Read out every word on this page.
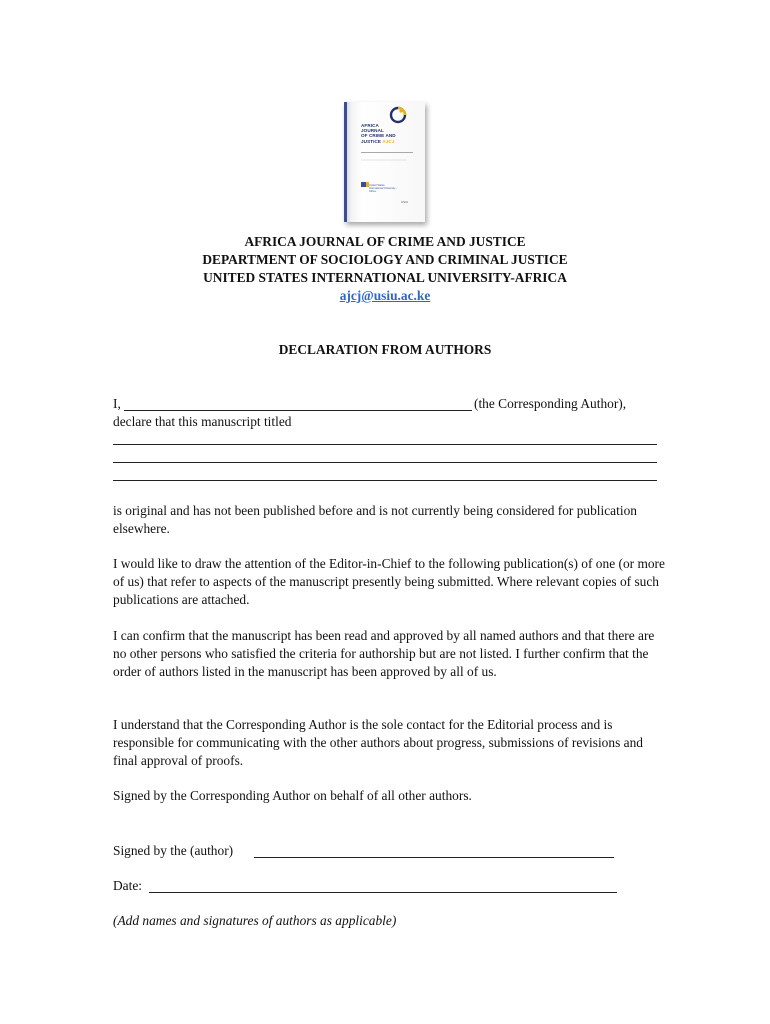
AFRICA
JOURNAL
OF CRIME AND
JUSTICE AJCJ
United States International University - Africa
USIU
AFRICA JOURNAL OF CRIME AND JUSTICE
DEPARTMENT OF SOCIOLOGY AND CRIMINAL JUSTICE
UNITED STATES INTERNATIONAL UNIVERSITY-AFRICA
ajcj@usiu.ac.ke
DECLARATION FROM AUTHORS
I,	(the Corresponding Author),
declare that this manuscript titled
is original and has not been published before and is not currently being considered for publication elsewhere.
I would like to draw the attention of the Editor-in-Chief to the following publication(s) of one (or more of us) that refer to aspects of the manuscript presently being submitted. Where relevant copies of such publications are attached.
I can confirm that the manuscript has been read and approved by all named authors and that there are no other persons who satisfied the criteria for authorship but are not listed. I further confirm that the order of authors listed in the manuscript has been approved by all of us.
I understand that the Corresponding Author is the sole contact for the Editorial process and is responsible for communicating with the other authors about progress, submissions of revisions and final approval of proofs.
Signed by the Corresponding Author on behalf of all other authors.
Signed by the (author)
Date:
(Add names and signatures of authors as applicable)
